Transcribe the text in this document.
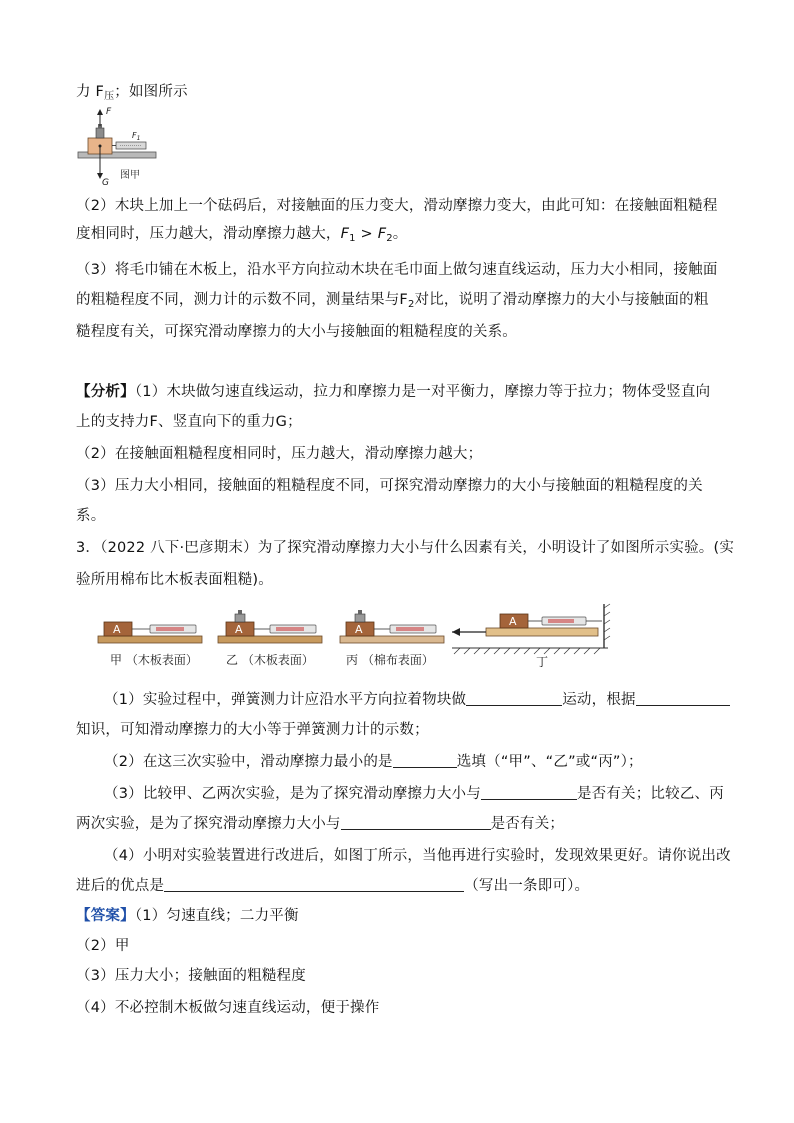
力 $F_压$；如图所示
F
$F_1$
G
图甲
（2）木块上加上一个砝码后，对接触面的压力变大，滑动摩擦力变大，由此可知：在接触面粗糙程
度相同时，压力越大，滑动摩擦力越大，$F_1 > F_2$。
（3）将毛巾铺在木板上，沿水平方向拉动木块在毛巾面上做匀速直线运动，压力大小相同，接触面
的粗糙程度不同，测力计的示数不同，测量结果与$F_2$对比，说明了滑动摩擦力的大小与接触面的粗
糙程度有关，可探究滑动摩擦力的大小与接触面的粗糙程度的关系。
【分析】（1）木块做匀速直线运动，拉力和摩擦力是一对平衡力，摩擦力等于拉力；物体受竖直向
上的支持力F、竖直向下的重力G；
（2）在接触面粗糙程度相同时，压力越大，滑动摩擦力越大；
（3）压力大小相同，接触面的粗糙程度不同，可探究滑动摩擦力的大小与接触面的粗糙程度的关
系。
3．（2022 八下·巴彦期末）为了探究滑动摩擦力大小与什么因素有关，小明设计了如图所示实验。(实
验所用棉布比木板表面粗糙)。
A
甲 （木板表面）
A
乙 （木板表面）
A
丙 （棉布表面）
A
丁
（1）实验过程中，弹簧测力计应沿水平方向拉着物块做	运动，根据
知识，可知滑动摩擦力的大小等于弹簧测力计的示数；
（2）在这三次实验中，滑动摩擦力最小的是	选填（“甲”、“乙”或“丙”）；
（3）比较甲、乙两次实验，是为了探究滑动摩擦力大小与	是否有关；比较乙、丙
两次实验，是为了探究滑动摩擦力大小与	是否有关；
（4）小明对实验装置进行改进后，如图丁所示，当他再进行实验时，发现效果更好。请你说出改
进后的优点是	（写出一条即可）。
【答案】（1）匀速直线；二力平衡
（2）甲
（3）压力大小；接触面的粗糙程度
（4）不必控制木板做匀速直线运动，便于操作
